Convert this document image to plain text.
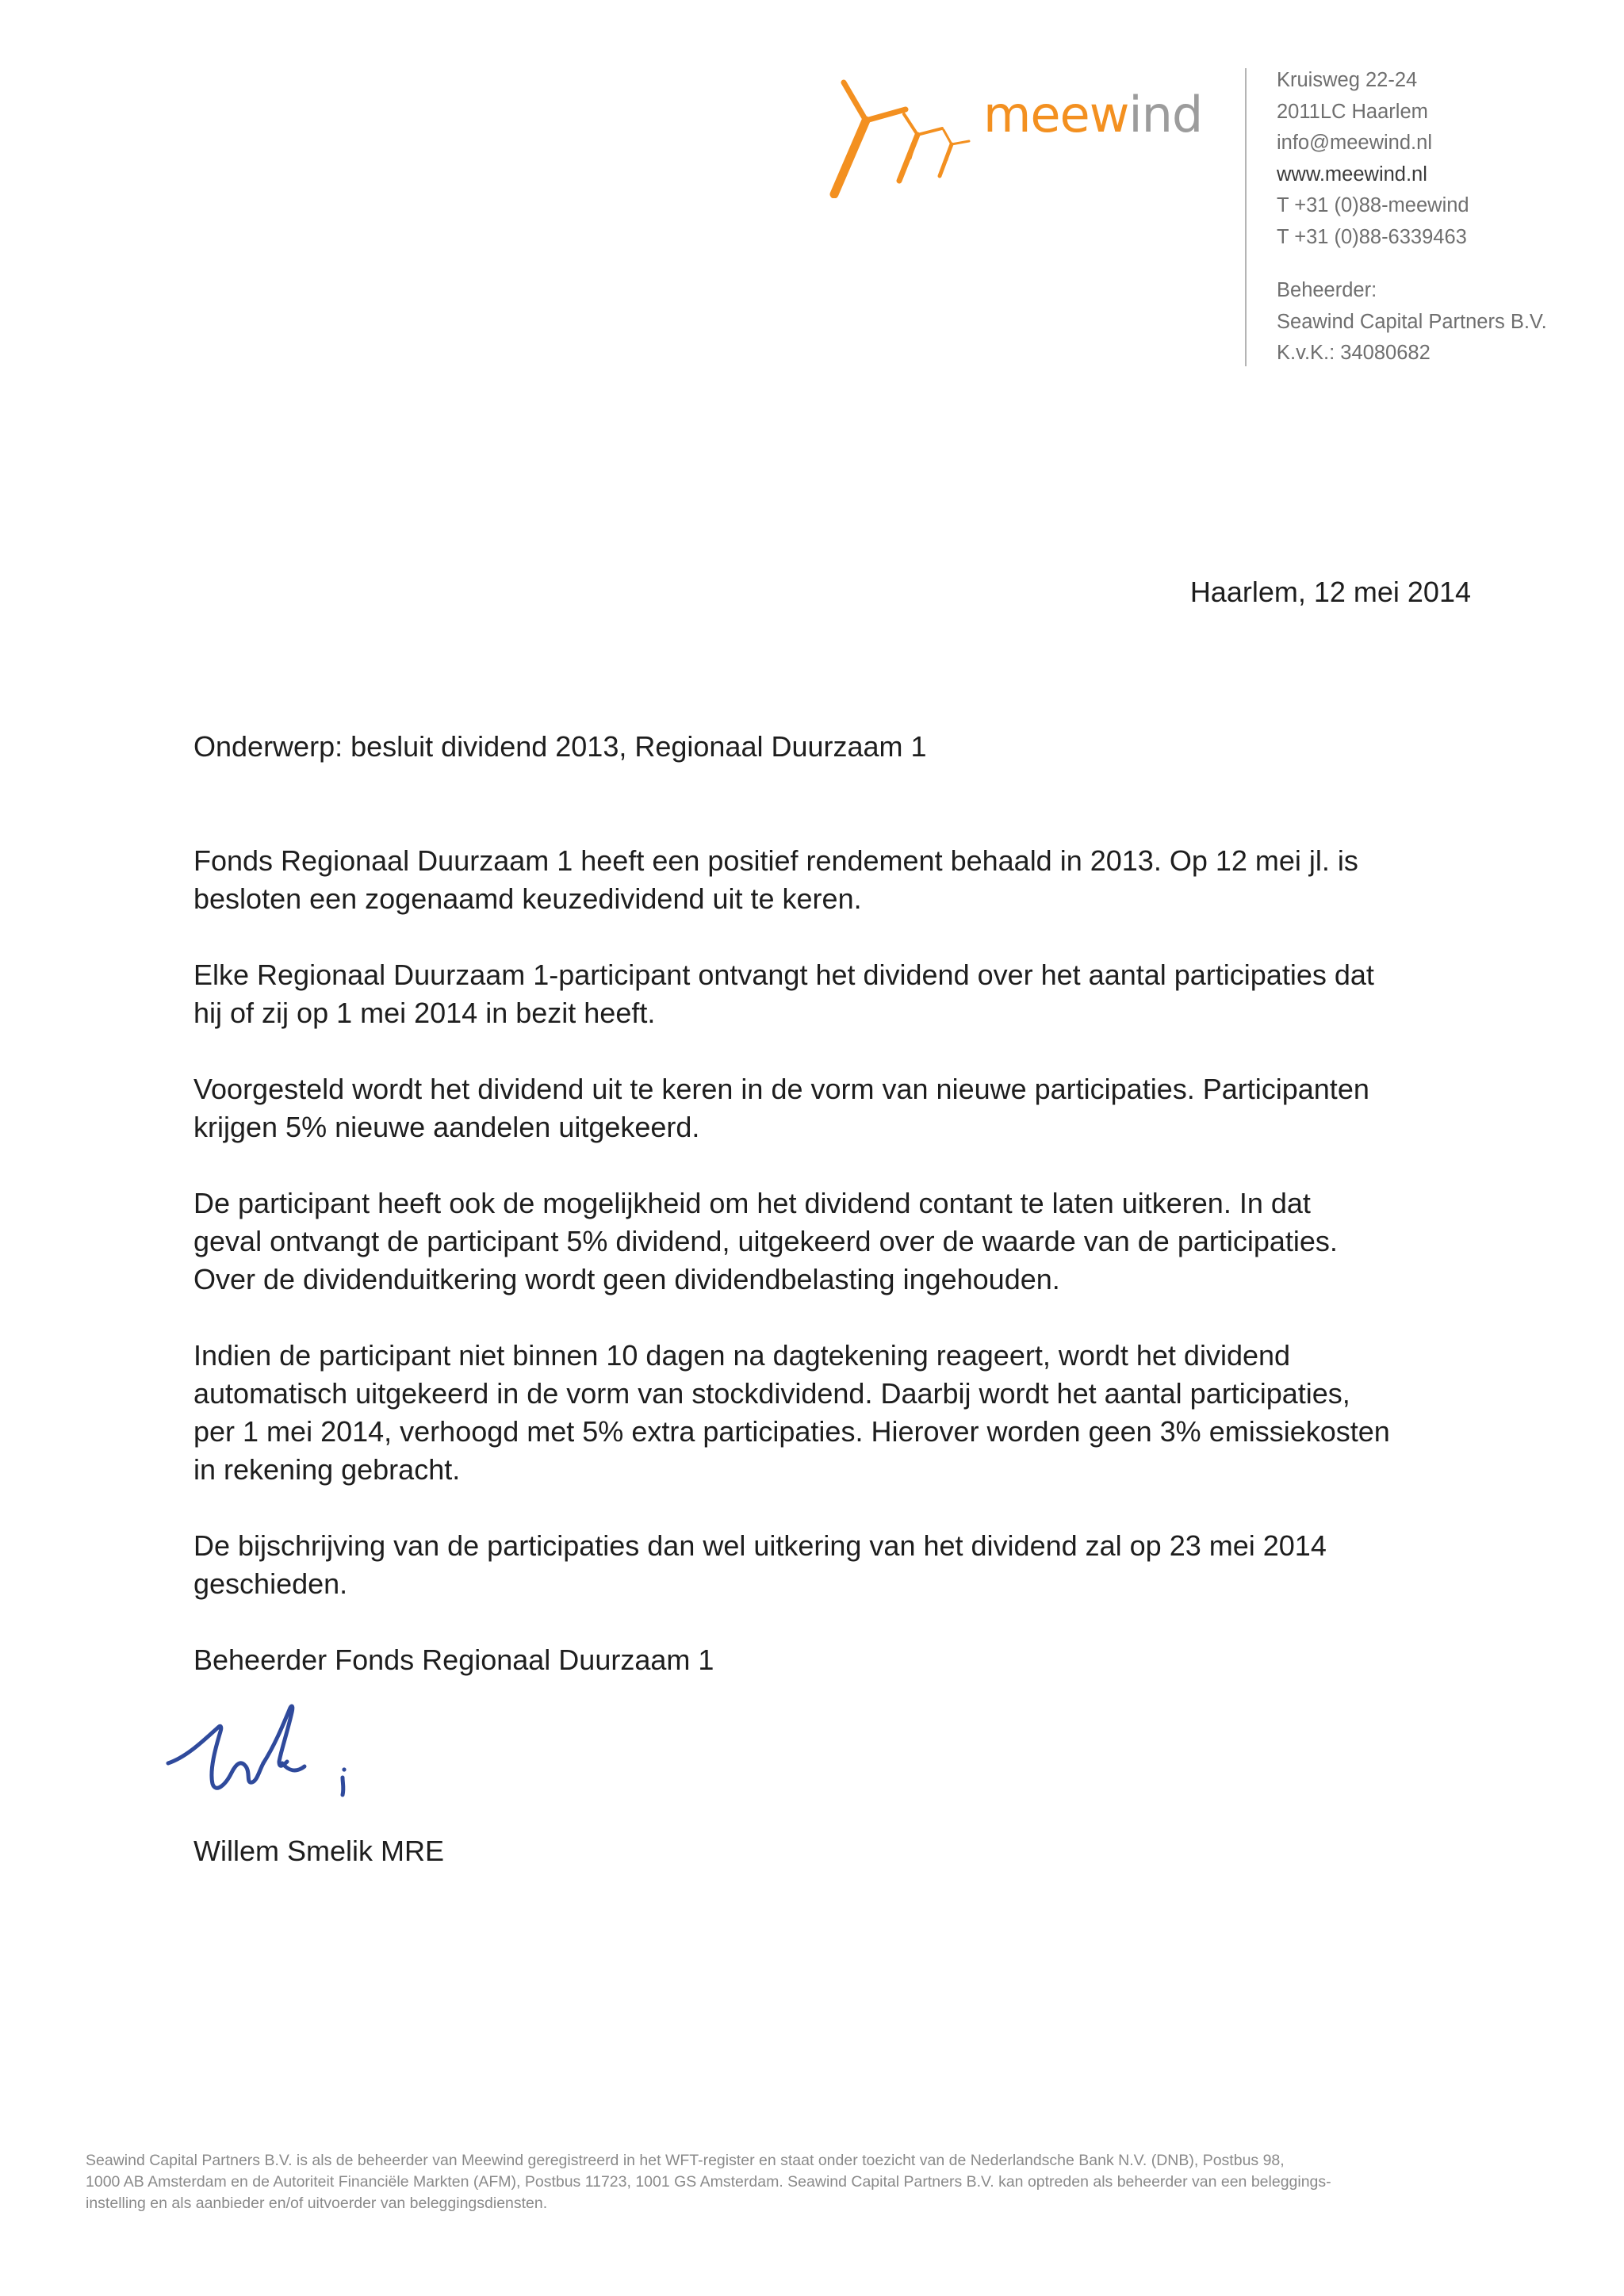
meewind
Kruisweg 22-24
2011LC Haarlem
info@meewind.nl
www.meewind.nl
T +31 (0)88-meewind
T +31 (0)88-6339463
Beheerder:
Seawind Capital Partners B.V.
K.v.K.: 34080682
Haarlem, 12 mei 2014

Onderwerp: besluit dividend 2013, Regionaal Duurzaam 1

Fonds Regionaal Duurzaam 1 heeft een positief rendement behaald in 2013. Op 12 mei jl. is
besloten een zogenaamd keuzedividend uit te keren.

Elke Regionaal Duurzaam 1-participant ontvangt het dividend over het aantal participaties dat
hij of zij op 1 mei 2014 in bezit heeft.

Voorgesteld wordt het dividend uit te keren in de vorm van nieuwe participaties. Participanten
krijgen 5% nieuwe aandelen uitgekeerd.

De participant heeft ook de mogelijkheid om het dividend contant te laten uitkeren. In dat
geval ontvangt de participant 5% dividend, uitgekeerd over de waarde van de participaties.
Over de dividenduitkering wordt geen dividendbelasting ingehouden.

Indien de participant niet binnen 10 dagen na dagtekening reageert, wordt het dividend
automatisch uitgekeerd in de vorm van stockdividend. Daarbij wordt het aantal participaties,
per 1 mei 2014, verhoogd met 5% extra participaties. Hierover worden geen 3% emissiekosten
in rekening gebracht.

De bijschrijving van de participaties dan wel uitkering van het dividend zal op 23 mei 2014
geschieden.

Beheerder Fonds Regionaal Duurzaam 1

Willem Smelik MRE
Seawind Capital Partners B.V. is als de beheerder van Meewind geregistreerd in het WFT-register en staat onder toezicht van de Nederlandsche Bank N.V. (DNB), Postbus 98,
1000 AB Amsterdam en de Autoriteit Financiële Markten (AFM), Postbus 11723, 1001 GS Amsterdam. Seawind Capital Partners B.V. kan optreden als beheerder van een beleggings-
instelling en als aanbieder en/of uitvoerder van beleggingsdiensten.
